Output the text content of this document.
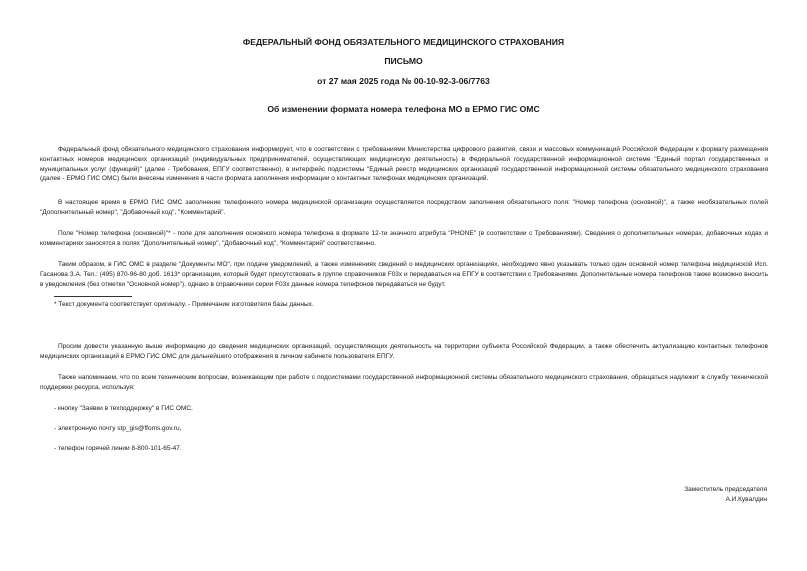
ФЕДЕРАЛЬНЫЙ ФОНД ОБЯЗАТЕЛЬНОГО МЕДИЦИНСКОГО СТРАХОВАНИЯ
ПИСЬМО
от 27 мая 2025 года № 00-10-92-3-06/7763
Об изменении формата номера телефона МО в ЕРМО ГИС ОМС

Федеральный фонд обязательного медицинского страхования информирует, что в соответствии с требованиями Министерства цифрового развития, связи и массовых коммуникаций Российской Федерации к формату размещения контактных номеров медицинских организаций (индивидуальных предпринимателей, осуществляющих медицинскую деятельность) в Федеральной государственной информационной системе "Единый портал государственных и муниципальных услуг (функций)" (далее - Требования, ЕПГУ соответственно), в интерфейс подсистемы "Единый реестр медицинских организаций государственной информационной системы обязательного медицинского страхования (далее - ЕРМО ГИС ОМС) были внесены изменения в части формата заполнения информации о контактных телефонах медицинских организаций.

В настоящее время в ЕРМО ГИС ОМС заполнение телефонного номера медицинской организации осуществляется посредством заполнения обязательного поля: "Номер телефона (основной)", а также необязательных полей "Дополнительный номер", "Добавочный код", "Комментарий".

Поле "Номер телефона (основной)"* - поле для заполнения основного номера телефона в формате 12-ти значного атрибута "PHONE" (в соответствии с Требованиями). Сведения о дополнительных номерах, добавочных кодах и комментариях заносятся в полях "Дополнительный номер", "Добавочный код", "Комментарий" соответственно.

Таким образом, в ГИС ОМС в разделе "Документы МО", при подаче уведомлений, а также изменениях сведений о медицинских организациях, необходимо явно указывать только один основной номер телефона медицинской Исп. Гасанова З.А. Тел.: (495) 870-96-80 доб. 1613* организации, который будет присутствовать в группе справочников F03х и передаваться на ЕПГУ в соответствии с Требованиями. Дополнительные номера телефонов также возможно вносить в уведомления (без отметки "Основной номер"), однако в справочники серии F03х данные номера телефонов передаваться не будут.

* Текст документа соответствует оригиналу. - Примечание изготовителя базы данных.

Просим довести указанную выше информацию до сведения медицинских организаций, осуществляющих деятельность на территории субъекта Российской Федерации, а также обеспечить актуализацию контактных телефонов медицинских организаций в ЕРМО ГИС ОМС для дальнейшего отображения в личном кабинете пользователя ЕПГУ.

Также напоминаем, что по всем техническим вопросам, возникающим при работе с подсистемами государственной информационной системы обязательного медицинского страхования, обращаться надлежит в службу технической поддержки ресурса, используя:

- кнопку "Заявки в техподдержку" в ГИС ОМС,
- электронную почту stp_gis@ffoms.gov.ru,
- телефон горячей линии 8-800-101-65-47.
Заместитель председателя
А.И.Кувалдин
